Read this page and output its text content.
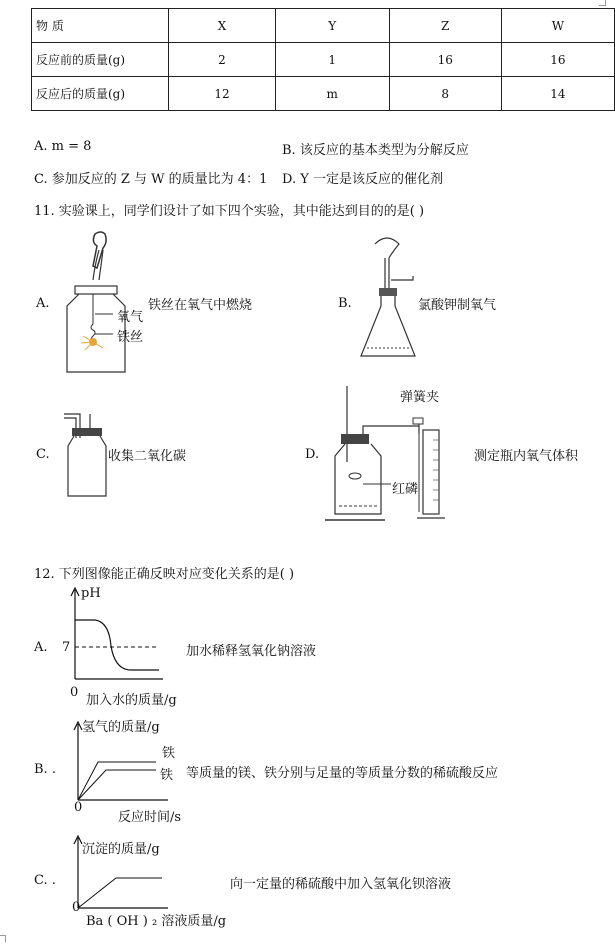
物 质	X	Y	Z	W
反应前的质量(g)	2	1	16	16
反应后的质量(g)	12	m	8	14
A. m = 8	B. 该反应的基本类型为分解反应
C. 参加反应的 Z 与 W 的质量比为 4：1 D. Y 一定是该反应的催化剂
11. 实验课上，同学们设计了如下四个实验，其中能达到目的的是( )
A.
氧气
铁丝
铁丝在氧气中燃烧	B.	氯酸钾制氧气
C.	收集二氧化碳	D.
弹簧夹
红磷
测定瓶内氧气体积
12. 下列图像能正确反映对应变化关系的是( )
A.
pH
7
0
加入水的质量/g
加水稀释氢氧化钠溶液
B. .
氢气的质量/g
铁
铁
0
反应时间/s
等质量的镁、铁分别与足量的等质量分数的稀硫酸反应
C. .
沉淀的质量/g
0
Ba ( OH ) ₂ 溶液质量/g
向一定量的稀硫酸中加入氢氧化钡溶液
